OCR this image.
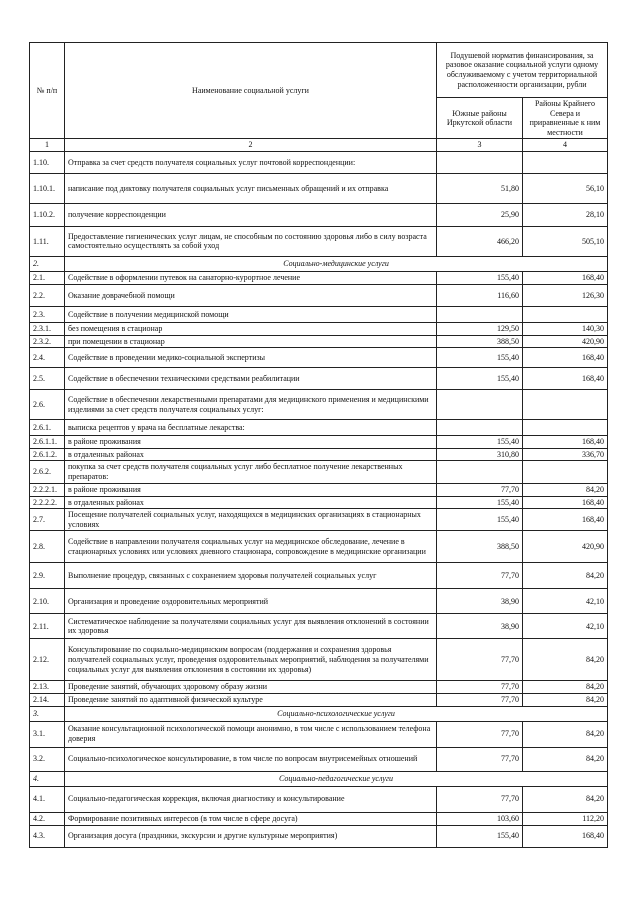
№ п/п	Наименование социальной услуги	Подушевой норматив финансирования, за разовое оказание социальной услуги одному обслуживаемому с учетом территориальной расположенности организации, рубли	
		Южные районы Иркутской области	Районы Крайнего Севера и приравненные к ним местности
1	2	3	4
1.10.	Отправка за счет средств получателя социальных услуг почтовой корреспонденции:		
1.10.1.	написание под диктовку получателя социальных услуг письменных обращений и их отправка	51,80	56,10
1.10.2.	получение корреспонденции	25,90	28,10
1.11.	Предоставление гигиенических услуг лицам, не способным по состоянию здоровья либо в силу возраста самостоятельно осуществлять за собой уход	466,20	505,10
2.	Социально-медицинские услуги		
2.1.	Содействие в оформлении путевок на санаторно-курортное лечение	155,40	168,40
2.2.	Оказание доврачебной помощи	116,60	126,30
2.3.	Содействие в получении медицинской помощи		
2.3.1.	без помещения в стационар	129,50	140,30
2.3.2.	при помещении в стационар	388,50	420,90
2.4.	Содействие в проведении медико-социальной экспертизы	155,40	168,40
2.5.	Содействие в обеспечении техническими средствами реабилитации	155,40	168,40
2.6.	Содействие в обеспечении лекарственными препаратами для медицинского применения и медицинскими изделиями за счет средств получателя социальных услуг:		
2.6.1.	выписка рецептов у врача на бесплатные лекарства:		
2.6.1.1.	в районе проживания	155,40	168,40
2.6.1.2.	в отдаленных районах	310,80	336,70
2.6.2.	покупка за счет средств получателя социальных услуг либо бесплатное получение лекарственных препаратов:		
2.2.2.1.	в районе проживания	77,70	84,20
2.2.2.2.	в отдаленных районах	155,40	168,40
2.7.	Посещение получателей социальных услуг, находящихся в медицинских организациях в стационарных условиях	155,40	168,40
2.8.	Содействие в направлении получателя социальных услуг на медицинское обследование, лечение в стационарных условиях или условиях дневного стационара, сопровождение в медицинские организации	388,50	420,90
2.9.	Выполнение процедур, связанных с сохранением здоровья получателей социальных услуг	77,70	84,20
2.10.	Организация и проведение оздоровительных мероприятий	38,90	42,10
2.11.	Систематическое наблюдение за получателями социальных услуг для выявления отклонений в состоянии их здоровья	38,90	42,10
2.12.	Консультирование по социально-медицинским вопросам (поддержания и сохранения здоровья получателей социальных услуг, проведения оздоровительных мероприятий, наблюдения за получателями социальных услуг для выявления отклонения в состоянии их здоровья)	77,70	84,20
2.13.	Проведение занятий, обучающих здоровому образу жизни	77,70	84,20
2.14.	Проведение занятий по адаптивной физической культуре	77,70	84,20
3.	Социально-психологические услуги		
3.1.	Оказание консультационной психологической помощи анонимно, в том числе с использованием телефона доверия	77,70	84,20
3.2.	Социально-психологическое консультирование, в том числе по вопросам внутрисемейных отношений	77,70	84,20
4.	Социально-педагогические услуги		
4.1.	Социально-педагогическая коррекция, включая диагностику и консультирование	77,70	84,20
4.2.	Формирование позитивных интересов (в том числе в сфере досуга)	103,60	112,20
4.3.	Организация досуга (праздники, экскурсии и другие культурные мероприятия)	155,40	168,40
